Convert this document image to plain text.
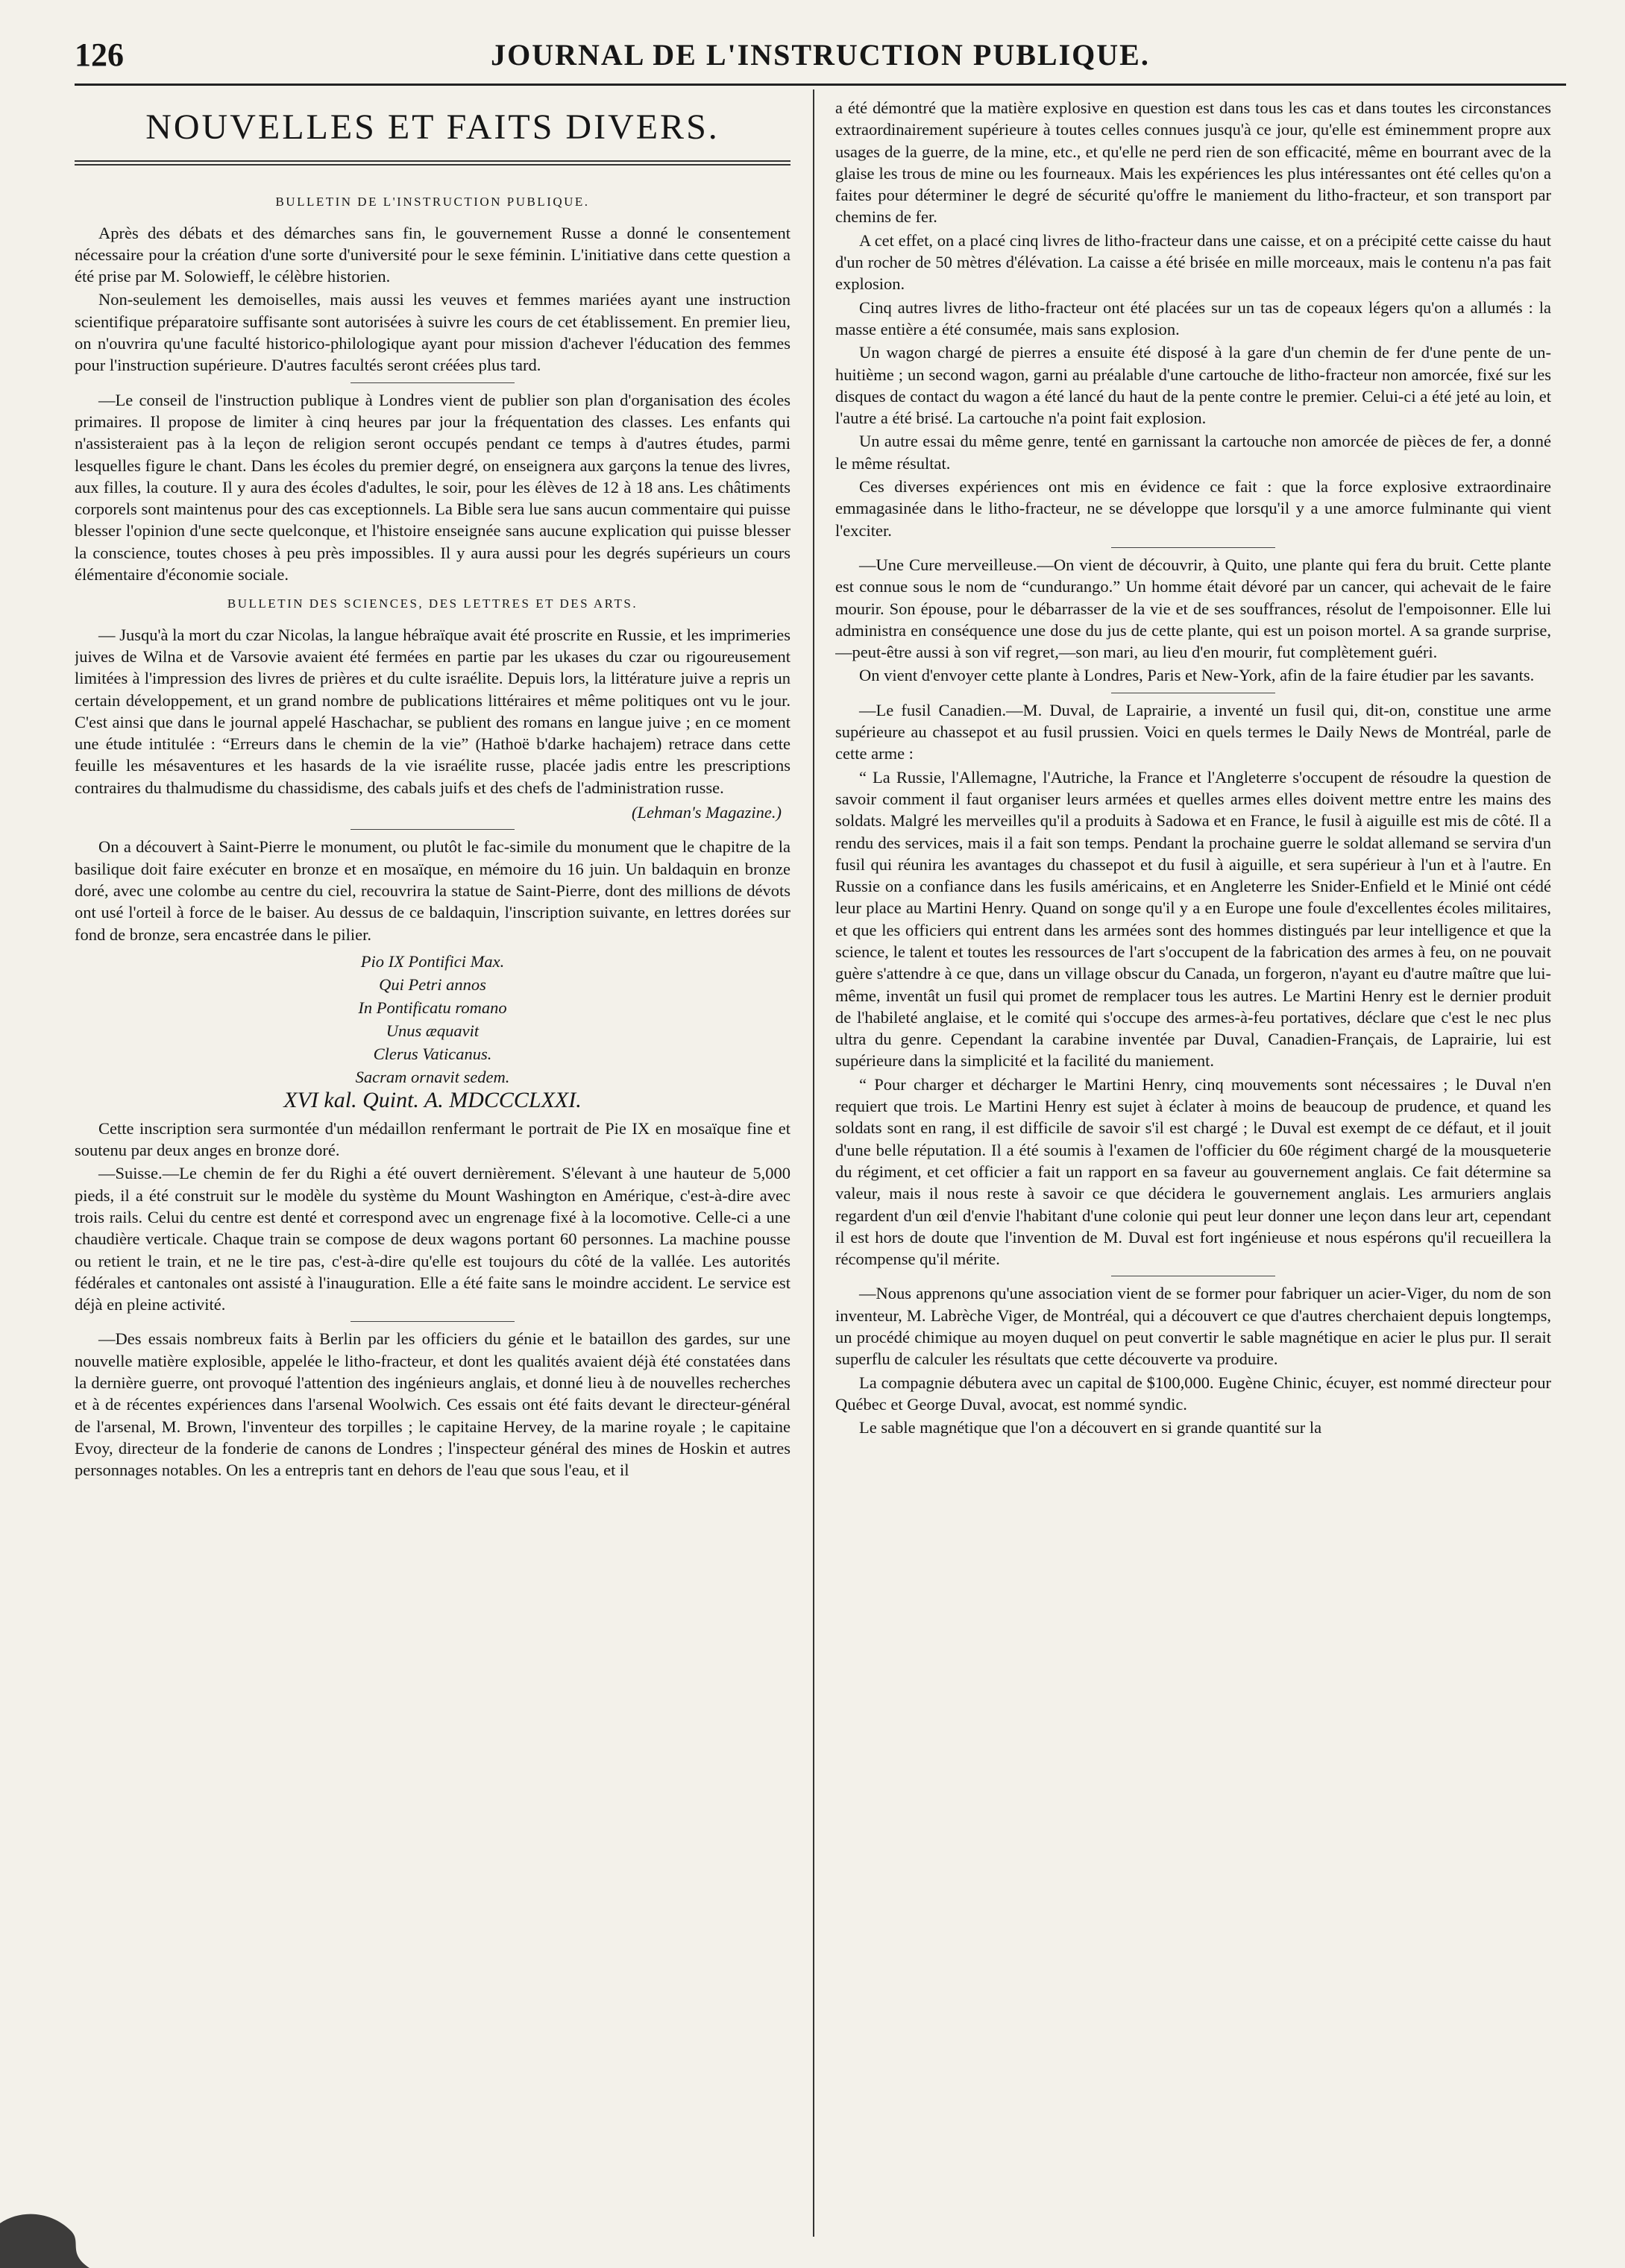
126	JOURNAL DE L'INSTRUCTION PUBLIQUE.
NOUVELLES ET FAITS DIVERS.
BULLETIN DE L'INSTRUCTION PUBLIQUE.

Après des débats et des démarches sans fin, le gouvernement Russe a donné le consentement nécessaire pour la création d'une sorte d'université pour le sexe féminin. L'initiative dans cette question a été prise par M. Solowieff, le célèbre historien.

Non-seulement les demoiselles, mais aussi les veuves et femmes mariées ayant une instruction scientifique préparatoire suffisante sont autorisées à suivre les cours de cet établissement. En premier lieu, on n'ouvrira qu'une faculté historico-philologique ayant pour mission d'achever l'éducation des femmes pour l'instruction supérieure. D'autres facultés seront créées plus tard.

—Le conseil de l'instruction publique à Londres vient de publier son plan d'organisation des écoles primaires. Il propose de limiter à cinq heures par jour la fréquentation des classes. Les enfants qui n'assisteraient pas à la leçon de religion seront occupés pendant ce temps à d'autres études, parmi lesquelles figure le chant. Dans les écoles du premier degré, on enseignera aux garçons la tenue des livres, aux filles, la couture. Il y aura des écoles d'adultes, le soir, pour les élèves de 12 à 18 ans. Les châtiments corporels sont maintenus pour des cas exceptionnels. La Bible sera lue sans aucun commentaire qui puisse blesser l'opinion d'une secte quelconque, et l'histoire enseignée sans aucune explication qui puisse blesser la conscience, toutes choses à peu près impossibles. Il y aura aussi pour les degrés supérieurs un cours élémentaire d'économie sociale.

BULLETIN DES SCIENCES, DES LETTRES ET DES ARTS.

— Jusqu'à la mort du czar Nicolas, la langue hébraïque avait été proscrite en Russie, et les imprimeries juives de Wilna et de Varsovie avaient été fermées en partie par les ukases du czar ou rigoureusement limitées à l'impression des livres de prières et du culte israélite. Depuis lors, la littérature juive a repris un certain développement, et un grand nombre de publications littéraires et même politiques ont vu le jour. C'est ainsi que dans le journal appelé Haschachar, se publient des romans en langue juive ; en ce moment une étude intitulée : “Erreurs dans le chemin de la vie” (Hathoë b'darke hachajem) retrace dans cette feuille les mésaventures et les hasards de la vie israélite russe, placée jadis entre les prescriptions contraires du thalmudisme du chassidisme, des cabals juifs et des chefs de l'administration russe.

(Lehman's Magazine.)

On a découvert à Saint-Pierre le monument, ou plutôt le fac-simile du monument que le chapitre de la basilique doit faire exécuter en bronze et en mosaïque, en mémoire du 16 juin. Un baldaquin en bronze doré, avec une colombe au centre du ciel, recouvrira la statue de Saint-Pierre, dont des millions de dévots ont usé l'orteil à force de le baiser. Au dessus de ce baldaquin, l'inscription suivante, en lettres dorées sur fond de bronze, sera encastrée dans le pilier.

Pio IX Pontifici Max.
Qui Petri annos
In Pontificatu romano
Unus æquavit
Clerus Vaticanus.
Sacram ornavit sedem.
XVI kal. Quint. A. MDCCCLXXI.

Cette inscription sera surmontée d'un médaillon renfermant le portrait de Pie IX en mosaïque fine et soutenu par deux anges en bronze doré.

—Suisse.—Le chemin de fer du Righi a été ouvert dernièrement. S'élevant à une hauteur de 5,000 pieds, il a été construit sur le modèle du système du Mount Washington en Amérique, c'est-à-dire avec trois rails. Celui du centre est denté et correspond avec un engrenage fixé à la locomotive. Celle-ci a une chaudière verticale. Chaque train se compose de deux wagons portant 60 personnes. La machine pousse ou retient le train, et ne le tire pas, c'est-à-dire qu'elle est toujours du côté de la vallée. Les autorités fédérales et cantonales ont assisté à l'inauguration. Elle a été faite sans le moindre accident. Le service est déjà en pleine activité.

—Des essais nombreux faits à Berlin par les officiers du génie et le bataillon des gardes, sur une nouvelle matière explosible, appelée le litho-fracteur, et dont les qualités avaient déjà été constatées dans la dernière guerre, ont provoqué l'attention des ingénieurs anglais, et donné lieu à de nouvelles recherches et à de récentes expériences dans l'arsenal Woolwich. Ces essais ont été faits devant le directeur-général de l'arsenal, M. Brown, l'inventeur des torpilles ; le capitaine Hervey, de la marine royale ; le capitaine Evoy, directeur de la fonderie de canons de Londres ; l'inspecteur général des mines de Hoskin et autres personnages notables. On les a entrepris tant en dehors de l'eau que sous l'eau, et il

a été démontré que la matière explosive en question est dans tous les cas et dans toutes les circonstances extraordinairement supérieure à toutes celles connues jusqu'à ce jour, qu'elle est éminemment propre aux usages de la guerre, de la mine, etc., et qu'elle ne perd rien de son efficacité, même en bourrant avec de la glaise les trous de mine ou les fourneaux. Mais les expériences les plus intéressantes ont été celles qu'on a faites pour déterminer le degré de sécurité qu'offre le maniement du litho-fracteur, et son transport par chemins de fer.

A cet effet, on a placé cinq livres de litho-fracteur dans une caisse, et on a précipité cette caisse du haut d'un rocher de 50 mètres d'élévation. La caisse a été brisée en mille morceaux, mais le contenu n'a pas fait explosion.

Cinq autres livres de litho-fracteur ont été placées sur un tas de copeaux légers qu'on a allumés : la masse entière a été consumée, mais sans explosion.

Un wagon chargé de pierres a ensuite été disposé à la gare d'un chemin de fer d'une pente de un-huitième ; un second wagon, garni au préalable d'une cartouche de litho-fracteur non amorcée, fixé sur les disques de contact du wagon a été lancé du haut de la pente contre le premier. Celui-ci a été jeté au loin, et l'autre a été brisé. La cartouche n'a point fait explosion.

Un autre essai du même genre, tenté en garnissant la cartouche non amorcée de pièces de fer, a donné le même résultat.

Ces diverses expériences ont mis en évidence ce fait : que la force explosive extraordinaire emmagasinée dans le litho-fracteur, ne se développe que lorsqu'il y a une amorce fulminante qui vient l'exciter.

—Une Cure merveilleuse.—On vient de découvrir, à Quito, une plante qui fera du bruit. Cette plante est connue sous le nom de “cundurango.” Un homme était dévoré par un cancer, qui achevait de le faire mourir. Son épouse, pour le débarrasser de la vie et de ses souffrances, résolut de l'empoisonner. Elle lui administra en conséquence une dose du jus de cette plante, qui est un poison mortel. A sa grande surprise,—peut-être aussi à son vif regret,—son mari, au lieu d'en mourir, fut complètement guéri.

On vient d'envoyer cette plante à Londres, Paris et New-York, afin de la faire étudier par les savants.

—Le fusil Canadien.—M. Duval, de Laprairie, a inventé un fusil qui, dit-on, constitue une arme supérieure au chassepot et au fusil prussien. Voici en quels termes le Daily News de Montréal, parle de cette arme :

“ La Russie, l'Allemagne, l'Autriche, la France et l'Angleterre s'occupent de résoudre la question de savoir comment il faut organiser leurs armées et quelles armes elles doivent mettre entre les mains des soldats. Malgré les merveilles qu'il a produits à Sadowa et en France, le fusil à aiguille est mis de côté. Il a rendu des services, mais il a fait son temps. Pendant la prochaine guerre le soldat allemand se servira d'un fusil qui réunira les avantages du chassepot et du fusil à aiguille, et sera supérieur à l'un et à l'autre. En Russie on a confiance dans les fusils américains, et en Angleterre les Snider-Enfield et le Minié ont cédé leur place au Martini Henry. Quand on songe qu'il y a en Europe une foule d'excellentes écoles militaires, et que les officiers qui entrent dans les armées sont des hommes distingués par leur intelligence et que la science, le talent et toutes les ressources de l'art s'occupent de la fabrication des armes à feu, on ne pouvait guère s'attendre à ce que, dans un village obscur du Canada, un forgeron, n'ayant eu d'autre maître que lui-même, inventât un fusil qui promet de remplacer tous les autres. Le Martini Henry est le dernier produit de l'habileté anglaise, et le comité qui s'occupe des armes-à-feu portatives, déclare que c'est le nec plus ultra du genre. Cependant la carabine inventée par Duval, Canadien-Français, de Laprairie, lui est supérieure dans la simplicité et la facilité du maniement.

“ Pour charger et décharger le Martini Henry, cinq mouvements sont nécessaires ; le Duval n'en requiert que trois. Le Martini Henry est sujet à éclater à moins de beaucoup de prudence, et quand les soldats sont en rang, il est difficile de savoir s'il est chargé ; le Duval est exempt de ce défaut, et il jouit d'une belle réputation. Il a été soumis à l'examen de l'officier du 60e régiment chargé de la mousqueterie du régiment, et cet officier a fait un rapport en sa faveur au gouvernement anglais. Ce fait détermine sa valeur, mais il nous reste à savoir ce que décidera le gouvernement anglais. Les armuriers anglais regardent d'un œil d'envie l'habitant d'une colonie qui peut leur donner une leçon dans leur art, cependant il est hors de doute que l'invention de M. Duval est fort ingénieuse et nous espérons qu'il recueillera la récompense qu'il mérite.

—Nous apprenons qu'une association vient de se former pour fabriquer un acier-Viger, du nom de son inventeur, M. Labrèche Viger, de Montréal, qui a découvert ce que d'autres cherchaient depuis longtemps, un procédé chimique au moyen duquel on peut convertir le sable magnétique en acier le plus pur. Il serait superflu de calculer les résultats que cette découverte va produire.

La compagnie débutera avec un capital de $100,000. Eugène Chinic, écuyer, est nommé directeur pour Québec et George Duval, avocat, est nommé syndic.

Le sable magnétique que l'on a découvert en si grande quantité sur la
